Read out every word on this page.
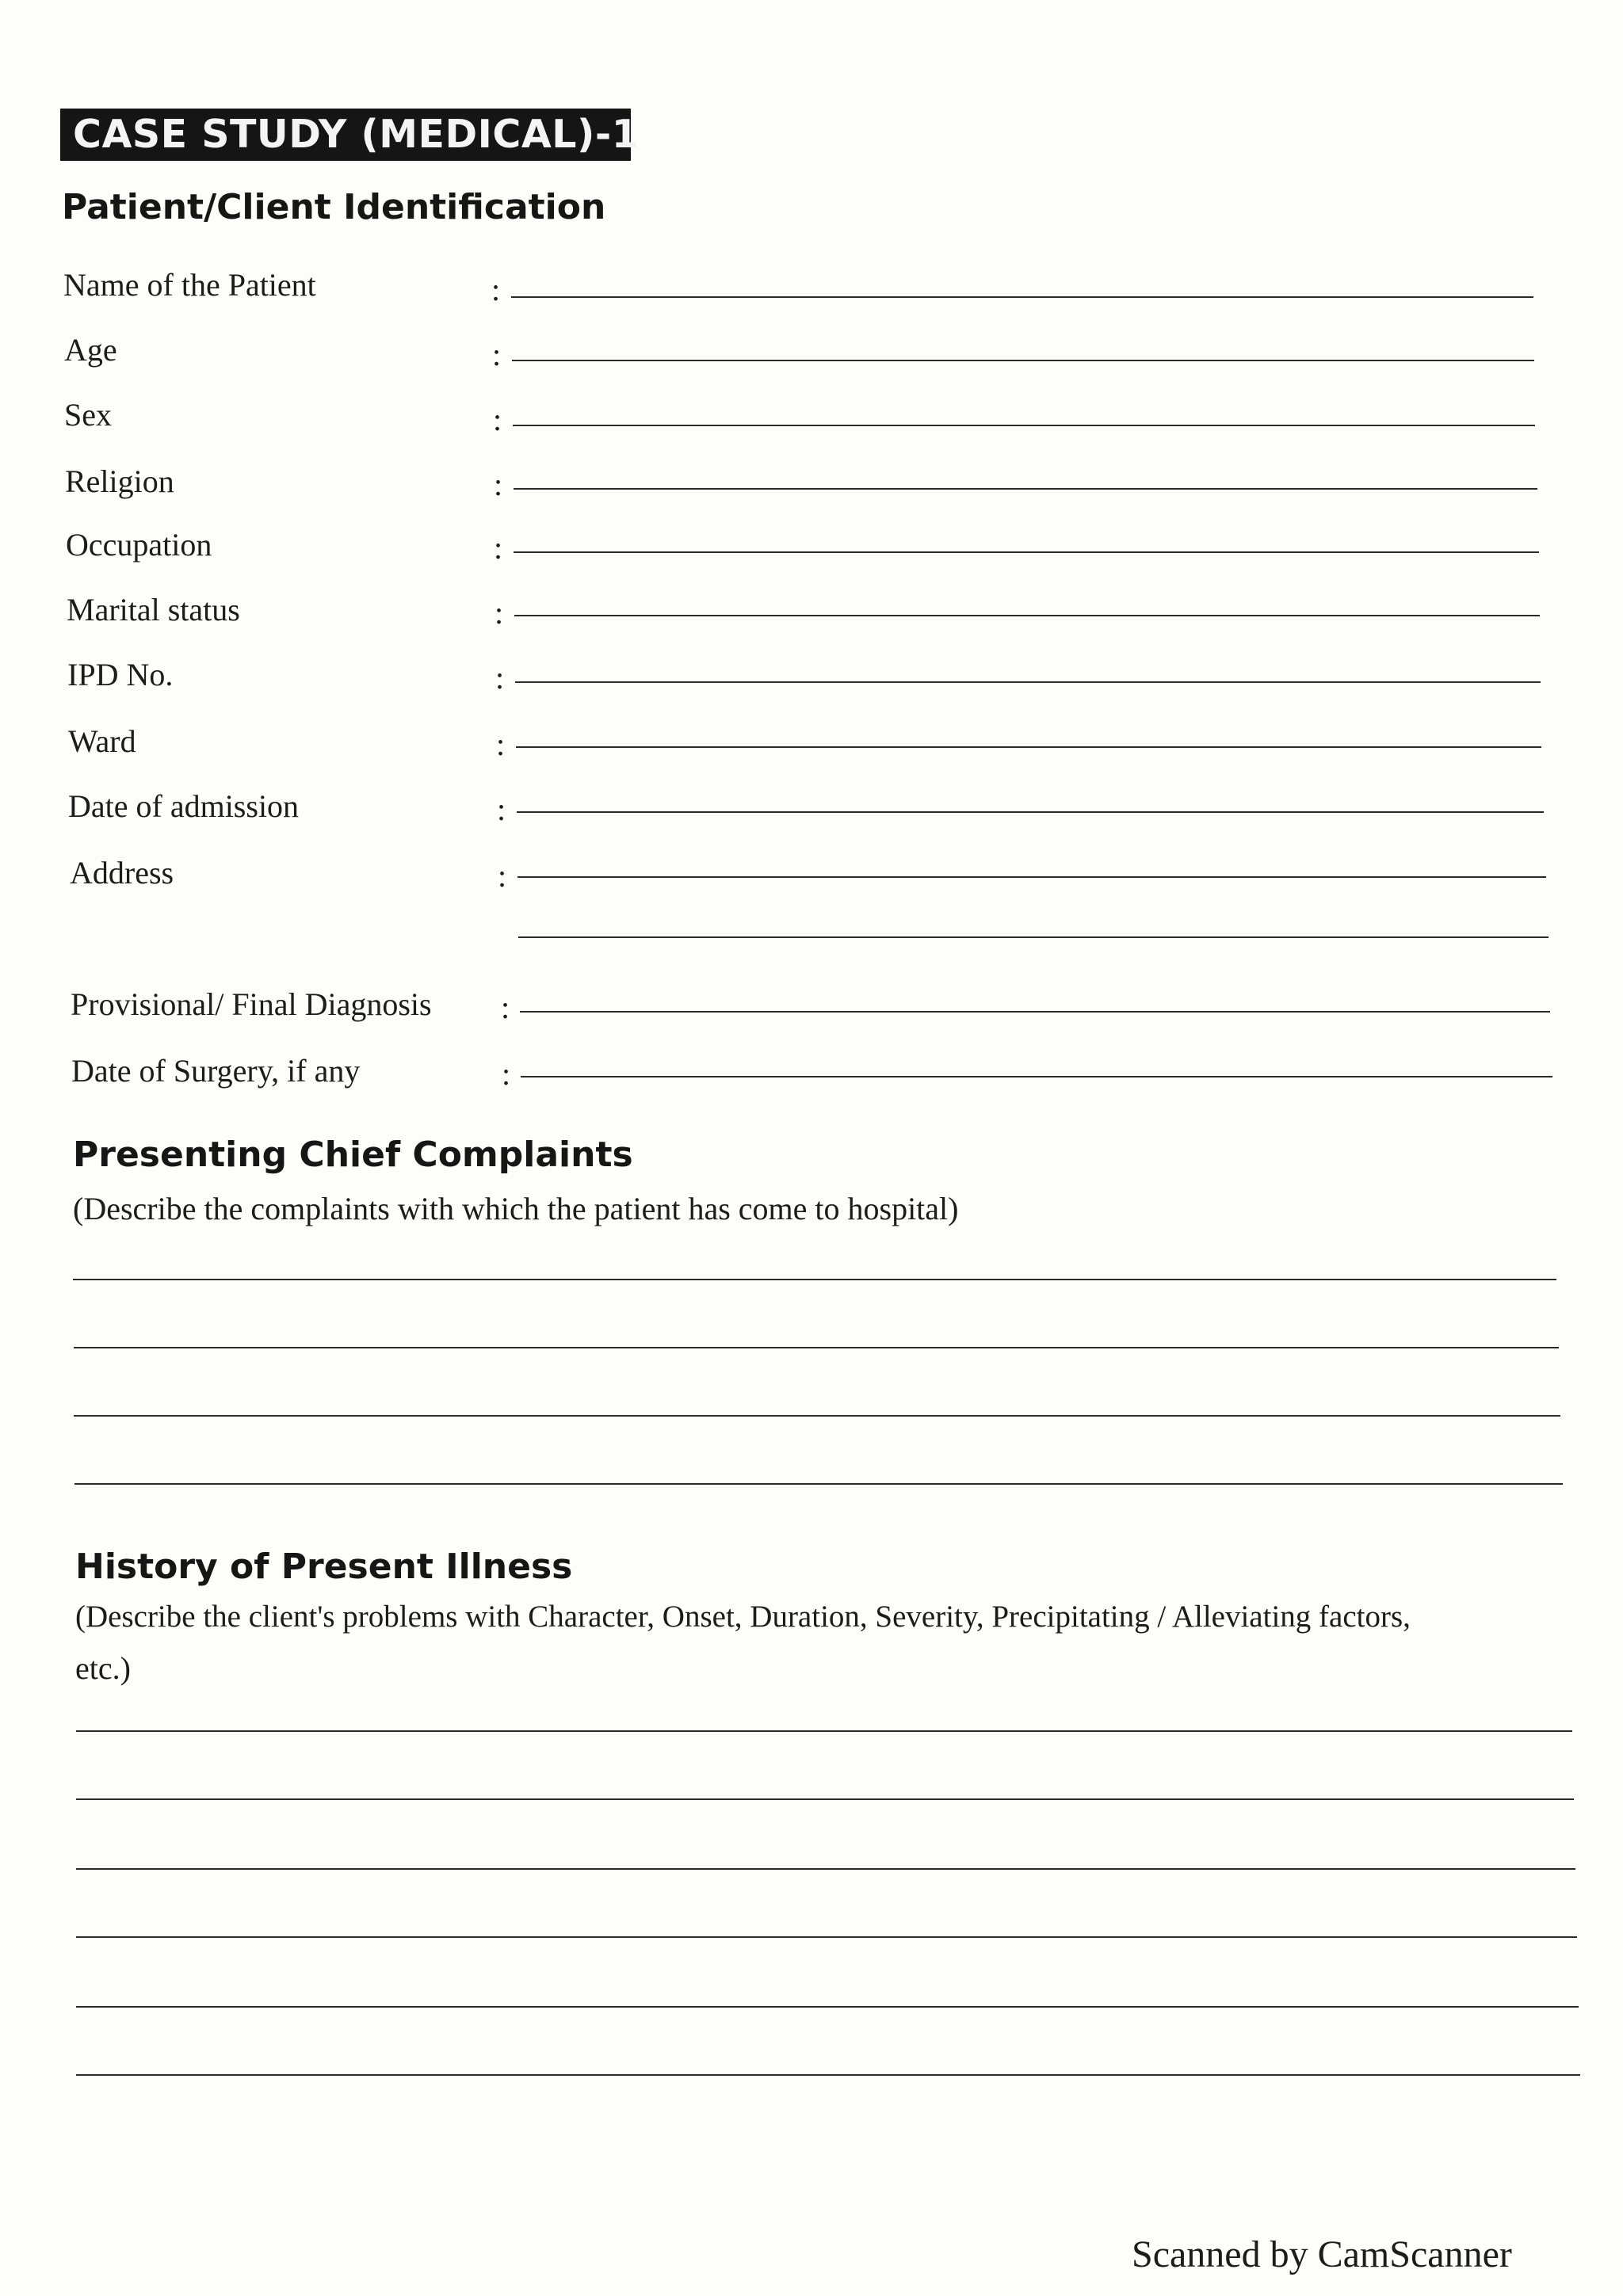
CASE STUDY (MEDICAL)-1
Patient/Client Identification
Name of the Patient	:
Age	:
Sex	:
Religion	:
Occupation	:
Marital status	:
IPD No.	:
Ward	:
Date of admission	:
Address	:
Provisional/ Final Diagnosis :
Date of Surgery, if any	:
Presenting Chief Complaints
(Describe the complaints with which the patient has come to hospital)
History of Present Illness
(Describe the client's problems with Character, Onset, Duration, Severity, Precipitating / Alleviating factors,
etc.)
Scanned by CamScanner
